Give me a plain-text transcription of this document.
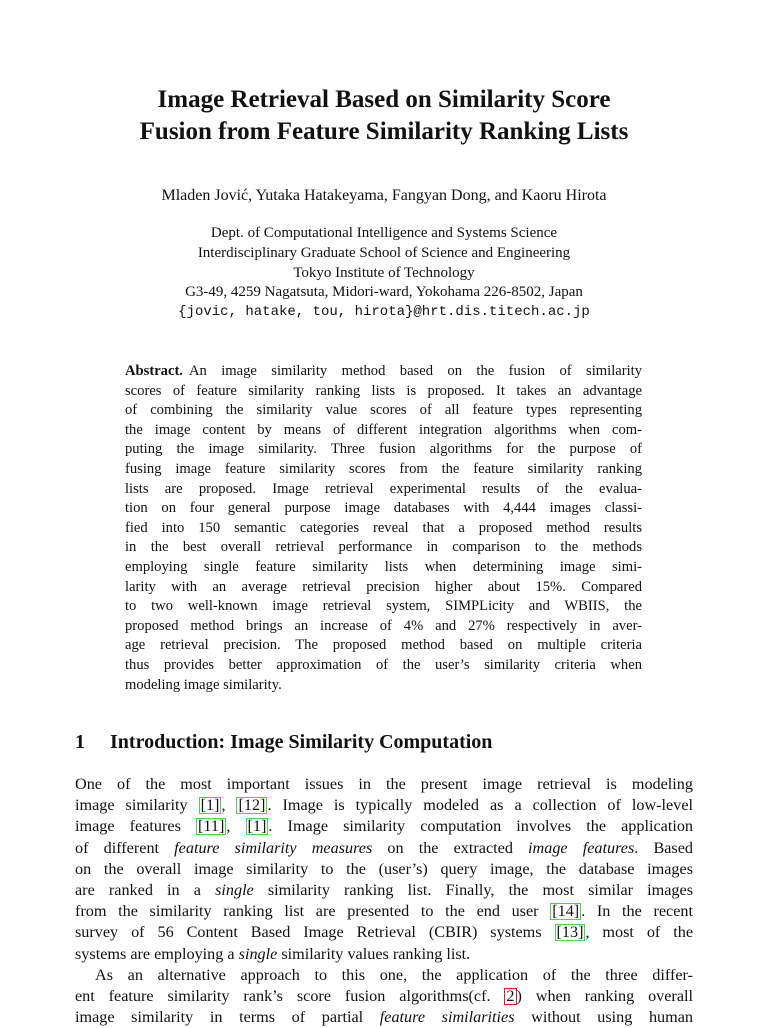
Image Retrieval Based on Similarity Score
Fusion from Feature Similarity Ranking Lists
Mladen Jović, Yutaka Hatakeyama, Fangyan Dong, and Kaoru Hirota
Dept. of Computational Intelligence and Systems Science
Interdisciplinary Graduate School of Science and Engineering
Tokyo Institute of Technology
G3-49, 4259 Nagatsuta, Midori-ward, Yokohama 226-8502, Japan
{jovic, hatake, tou, hirota}@hrt.dis.titech.ac.jp
Abstract. An image similarity method based on the fusion of similarity
scores of feature similarity ranking lists is proposed. It takes an advantage
of combining the similarity value scores of all feature types representing
the image content by means of different integration algorithms when com-
puting the image similarity. Three fusion algorithms for the purpose of
fusing image feature similarity scores from the feature similarity ranking
lists are proposed. Image retrieval experimental results of the evalua-
tion on four general purpose image databases with 4,444 images classi-
fied into 150 semantic categories reveal that a proposed method results
in the best overall retrieval performance in comparison to the methods
employing single feature similarity lists when determining image simi-
larity with an average retrieval precision higher about 15%. Compared
to two well-known image retrieval system, SIMPLicity and WBIIS, the
proposed method brings an increase of 4% and 27% respectively in aver-
age retrieval precision. The proposed method based on multiple criteria
thus provides better approximation of the user’s similarity criteria when
modeling image similarity.
1 Introduction: Image Similarity Computation
One of the most important issues in the present image retrieval is modeling
image similarity [1] , [12] . Image is typically modeled as a collection of low-level
image features [11] , [1] . Image similarity computation involves the application
of different feature similarity measures on the extracted image features. Based
on the overall image similarity to the (user’s) query image, the database images
are ranked in a single similarity ranking list. Finally, the most similar images
from the similarity ranking list are presented to the end user [14] . In the recent
survey of 56 Content Based Image Retrieval (CBIR) systems [13] , most of the
systems are employing a single similarity values ranking list.
As an alternative approach to this one, the application of the three differ-
ent feature similarity rank’s score fusion algorithms(cf. 2 ) when ranking overall
image similarity in terms of partial feature similarities without using human
